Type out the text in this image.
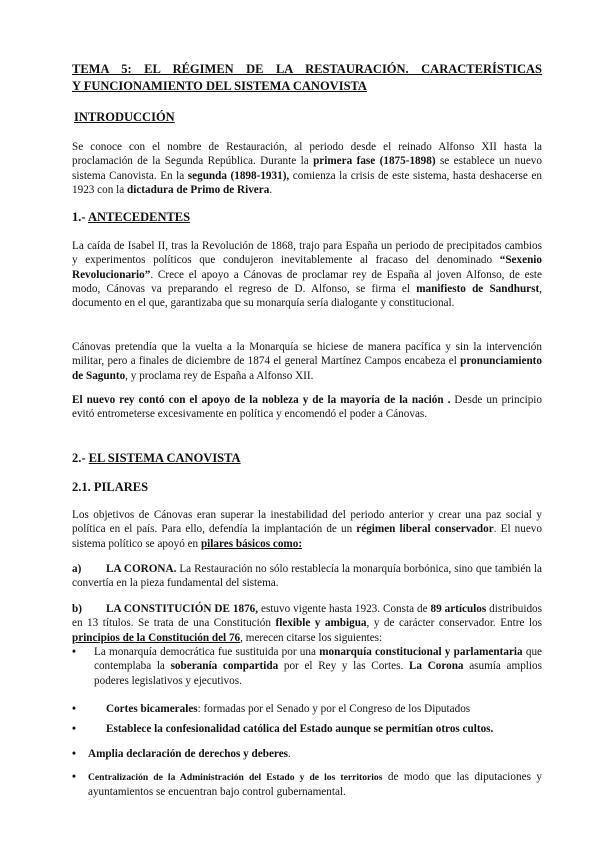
TEMA 5: EL RÉGIMEN DE LA RESTAURACIÓN. CARACTERÍSTICAS

Y FUNCIONAMIENTO DEL SISTEMA CANOVISTA

INTRODUCCIÓN

Se conoce con el nombre de Restauración, al periodo desde el reinado Alfonso XII hasta la proclamación de la Segunda República. Durante la primera fase (1875-1898) se establece un nuevo sistema Canovista. En la segunda (1898-1931), comienza la crisis de este sistema, hasta deshacerse en 1923 con la dictadura de Primo de Rivera.

1.- ANTECEDENTES

La caída de Isabel II, tras la Revolución de 1868, trajo para España un periodo de precipitados cambios y experimentos políticos que condujeron inevitablemente al fracaso del denominado “Sexenio Revolucionario”. Crece el apoyo a Cánovas de proclamar rey de España al joven Alfonso, de este modo, Cánovas va preparando el regreso de D. Alfonso, se firma el manifiesto de Sandhurst, documento en el que, garantizaba que su monarquía sería dialogante y constitucional.

Cánovas pretendía que la vuelta a la Monarquía se hiciese de manera pacífica y sin la intervención militar, pero a finales de diciembre de 1874 el general Martínez Campos encabeza el pronunciamiento de Sagunto, y proclama rey de España a Alfonso XII.

El nuevo rey contó con el apoyo de la nobleza y de la mayoría de la nación . Desde un principio evitó entrometerse excesivamente en política y encomendó el poder a Cánovas.

2.- EL SISTEMA CANOVISTA
2.1. PILARES

Los objetivos de Cánovas eran superar la inestabilidad del periodo anterior y crear una paz social y política en el país. Para ello, defendía la implantación de un régimen liberal conservador. El nuevo sistema político se apoyó en pilares básicos como:

a) LA CORONA. La Restauración no sólo restablecía la monarquía borbónica, sino que también la convertía en la pieza fundamental del sistema.

b) LA CONSTITUCIÓN DE 1876, estuvo vigente hasta 1923. Consta de 89 artículos distribuidos en 13 títulos. Se trata de una Constitución flexible y ambigua, y de carácter conservador. Entre los principios de la Constitución del 76, merecen citarse los siguientes:

• La monarquía democrática fue sustituida por una monarquía constitucional y parlamentaria que contemplaba la soberanía compartida por el Rey y las Cortes. La Corona asumía amplios poderes legislativos y ejecutivos.

•	Cortes bicamerales: formadas por el Senado y por el Congreso de los Diputados

•	Establece la confesionalidad católica del Estado aunque se permitían otros cultos.

• Amplia declaración de derechos y deberes.

• Centralización de la Administración del Estado y de los territorios de modo que las diputaciones y ayuntamientos se encuentran bajo control gubernamental.
